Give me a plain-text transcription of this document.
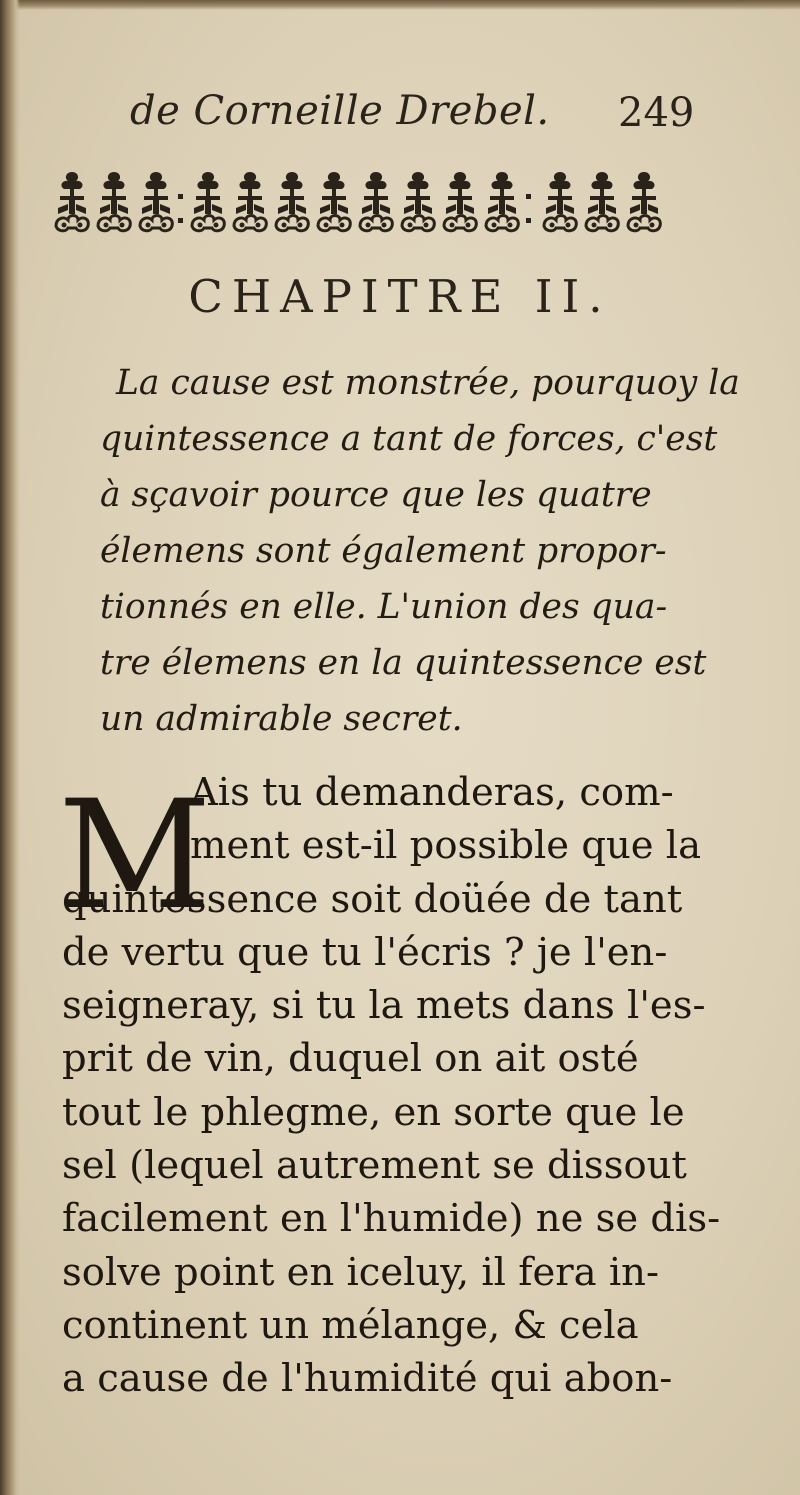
de Corneille Drebel. 249
CHAPITRE II.
La cause est monstrée, pourquoy la
quintessence a tant de forces, c'est
à sçavoir pource que les quatre
élemens sont également propor-
tionnés en elle. L'union des qua-
tre élemens en la quintessence est
un admirable secret.
M
Ais tu demanderas, com-
ment est-il possible que la
quintessence soit doüée de tant
de vertu que tu l'écris ? je l'en-
seigneray, si tu la mets dans l'es-
prit de vin, duquel on ait osté
tout le phlegme, en sorte que le
sel (lequel autrement se dissout
facilement en l'humide) ne se dis-
solve point en iceluy, il fera in-
continent un mélange, & cela
a cause de l'humidité qui abon-
